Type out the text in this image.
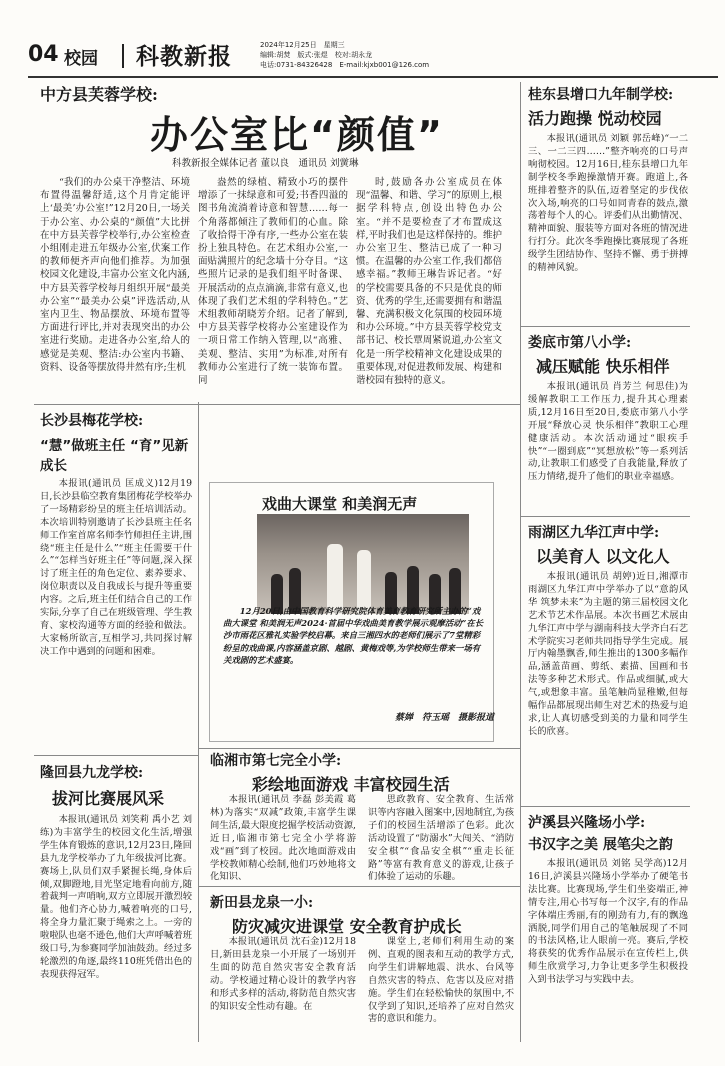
04 校园 科教新报	2024年12月25日　星期三
编辑:胡焚　版式:张煜　校对:胡永龙
电话:0731-84326428　E-mail:kjxb001@126.com
中方县芙蓉学校:
办公室比“颜值”
科教新报全媒体记者 董以良　通讯员 刘黉琳
“我们的办公桌干净整洁、环境布置得温馨舒适,这个月肯定能评上‘最美’办公室!”12月20日,一场关于办公室、办公桌的“颜值”大比拼在中方县芙蓉学校举行,办公室检查小组刚走进五年级办公室,伏案工作的教师便齐声向他们推荐。为加强校园文化建设,丰富办公室文化内涵,中方县芙蓉学校每月组织开展“最美办公室”“最美办公桌”评选活动,从室内卫生、物品摆放、环境布置等方面进行评比,并对表现突出的办公室进行奖励。走进各办公室,给人的感觉是美观、整洁:办公室内书籍、资料、设备等摆放得井然有序;生机
盎然的绿植、精致小巧的摆件增添了一抹绿意和可爱;书香四溢的图书角流淌着诗意和智慧……每一个角落都倾注了教师们的心血。除了收拾得干净有序,一些办公室在装扮上独具特色。在艺术组办公室,一面贴满照片的纪念墙十分夺目。“这些照片记录的是我们组平时备课、开展活动的点点滴滴,非常有意义,也体现了我们艺术组的学科特色。”艺术组教师胡晓芳介绍。记者了解到,中方县芙蓉学校将办公室建设作为一项日常工作纳入管理,以“高雅、美观、整洁、实用”为标准,对所有教师办公室进行了统一装饰布置。同
时,鼓励各办公室成员在体现“温馨、和谐、学习”的原则上,根据学科特点,创设出特色办公室。“并不是要检查了才布置成这样,平时我们也是这样保持的。维护办公室卫生、整洁已成了一种习惯。在温馨的办公室工作,我们都倍感幸福。”教师王琳告诉记者。“好的学校需要具备的不只是优良的师资、优秀的学生,还需要拥有和谐温馨、充满积极文化氛围的校园环境和办公环境。”中方县芙蓉学校党支部书记、校长覃周紧说道,办公室文化是一所学校精神文化建设成果的重要体现,对促进教师发展、构建和谐校园有独特的意义。
长沙县梅花学校:
“慧”做班主任 “育”见新成长
本报讯(通讯员 匡成义)12月19日,长沙县临空教育集团梅花学校举办了一场精彩纷呈的班主任培训活动。本次培训特别邀请了长沙县班主任名师工作室首席名师李竹师担任主讲,围绕“班主任是什么”“班主任需要干什么”“怎样当好班主任”等问题,深入探讨了班主任的角色定位、素养要求、岗位职责以及自我成长与提升等重要内容。之后,班主任们结合自己的工作实际,分享了自己在班级管理、学生教育、家校沟通等方面的经验和做法。大家畅所欲言,互相学习,共同探讨解决工作中遇到的问题和困难。
隆回县九龙学校:
拔河比赛展风采
本报讯(通讯员 刘笑莉 禹小艺 刘练)为丰富学生的校园文化生活,增强学生体育锻炼的意识,12月23日,隆回县九龙学校举办了九年级拔河比赛。赛场上,队员们双手紧握长绳,身体后倾,双脚蹬地,目光坚定地看向前方,随着裁判一声哨响,双方立即展开激烈较量。他们齐心协力,喊着响亮的口号,将全身力量汇聚于绳索之上。一旁的啦啦队也毫不逊色,他们大声呼喊着班级口号,为参赛同学加油鼓劲。经过多轮激烈的角逐,最终110班凭借出色的表现获得冠军。
戏曲大课堂 和美润无声
12月20日,由中国教育科学研究院体育美育教育研究所主办的“戏曲大课堂 和美润无声2024·首届中华戏曲美育教学展示观摩活动”在长沙市雨花区雅礼实验学校启幕。来自三湘四水的老师们展示了7堂精彩纷呈的戏曲课,内容涵盖京剧、越剧、黄梅戏等,为学校师生带来一场有关戏剧的艺术盛宴。
蔡婵　符玉瑶　摄影报道
临湘市第七完全小学:
彩绘地面游戏 丰富校园生活
本报讯(通讯员 李磊 彭美霞 葛林)为落实“双减”政策,丰富学生课间生活,最大限度挖掘学校活动资源,近日,临湘市第七完全小学将游戏“画”到了校园。此次地面游戏由学校教师精心绘制,他们巧妙地将文化知识、
思政教育、安全教育、生活常识等内容融入图案中,因地制宜,为孩子们的校园生活增添了色彩。此次活动设置了“防溺水”大闯关、“消防安全棋”“食品安全棋”“重走长征路”等富有教育意义的游戏,让孩子们体验了运动的乐趣。
新田县龙泉一小:
防灾减灾进课堂 安全教育护成长
本报讯(通讯员 沈石金)12月18日,新田县龙泉一小开展了一场别开生面的防范自然灾害安全教育活动。学校通过精心设计的教学内容和形式多样的活动,将防范自然灾害的知识安全性动有趣。在
课堂上,老师们利用生动的案例、直观的图表和互动的教学方式,向学生们讲解地震、洪水、台风等自然灾害的特点、危害以及应对措施。学生们在轻松愉快的氛围中,不仅学到了知识,还培养了应对自然灾害的意识和能力。
桂东县增口九年制学校:
活力跑操 悦动校园
本报讯(通讯员 刘颖 郭岳峰)“一二三、一二三四……”整齐响亮的口号声响彻校园。12月16日,桂东县增口九年制学校冬季跑操激情开赛。跑道上,各班排着整齐的队伍,迈着坚定的步伐依次入场,响亮的口号如同青春的鼓点,激荡着每个人的心。评委们从出勤情况、精神面貌、服装等方面对各班的情况进行打分。此次冬季跑操比赛展现了各班级学生团结协作、坚持不懈、勇于拼搏的精神风貌。
娄底市第八小学:
减压赋能 快乐相伴
本报讯(通讯员 肖芳兰 何思佳)为缓解教职工工作压力,提升其心理素质,12月16日至20日,娄底市第八小学开展“释放心灵 快乐相伴”教职工心理健康活动。本次活动通过“眼疾手快”“一圈到底”“冥想放松”等一系列活动,让教职工们感受了自我能量,释放了压力情绪,提升了他们的职业幸福感。
雨湖区九华江声中学:
以美育人 以文化人
本报讯(通讯员 胡婷)近日,湘潭市雨湖区九华江声中学举办了以“意韵风华 筑梦未来”为主题的第三届校园文化艺术节艺术作品展。本次书画艺术展由九华江声中学与湖南科技大学齐白石艺术学院实习老师共同指导学生完成。展厅内翰墨飘香,师生推出的1300多幅作品,涵盖苗画、剪纸、素描、国画和书法等多种艺术形式。作品或细腻,或大气,或想象丰富。虽笔触尚显稚嫩,但每幅作品都展现出师生对艺术的热爱与追求,让人真切感受到美的力量和同学生长的欣喜。
泸溪县兴隆场小学:
书汉字之美 展笔尖之韵
本报讯(通讯员 刘铭 吴学高)12月16日,泸溪县兴隆场小学举办了硬笔书法比赛。比赛现场,学生们坐姿端正,神情专注,用心书写每一个汉字,有的作品字体端庄秀丽,有的刚劲有力,有的飘逸洒脱,同学们用自己的笔触展现了不同的书法风格,让人眼前一亮。赛后,学校将获奖的优秀作品展示在宣传栏上,供师生欣赏学习,力争让更多学生积极投入到书法学习与实践中去。
